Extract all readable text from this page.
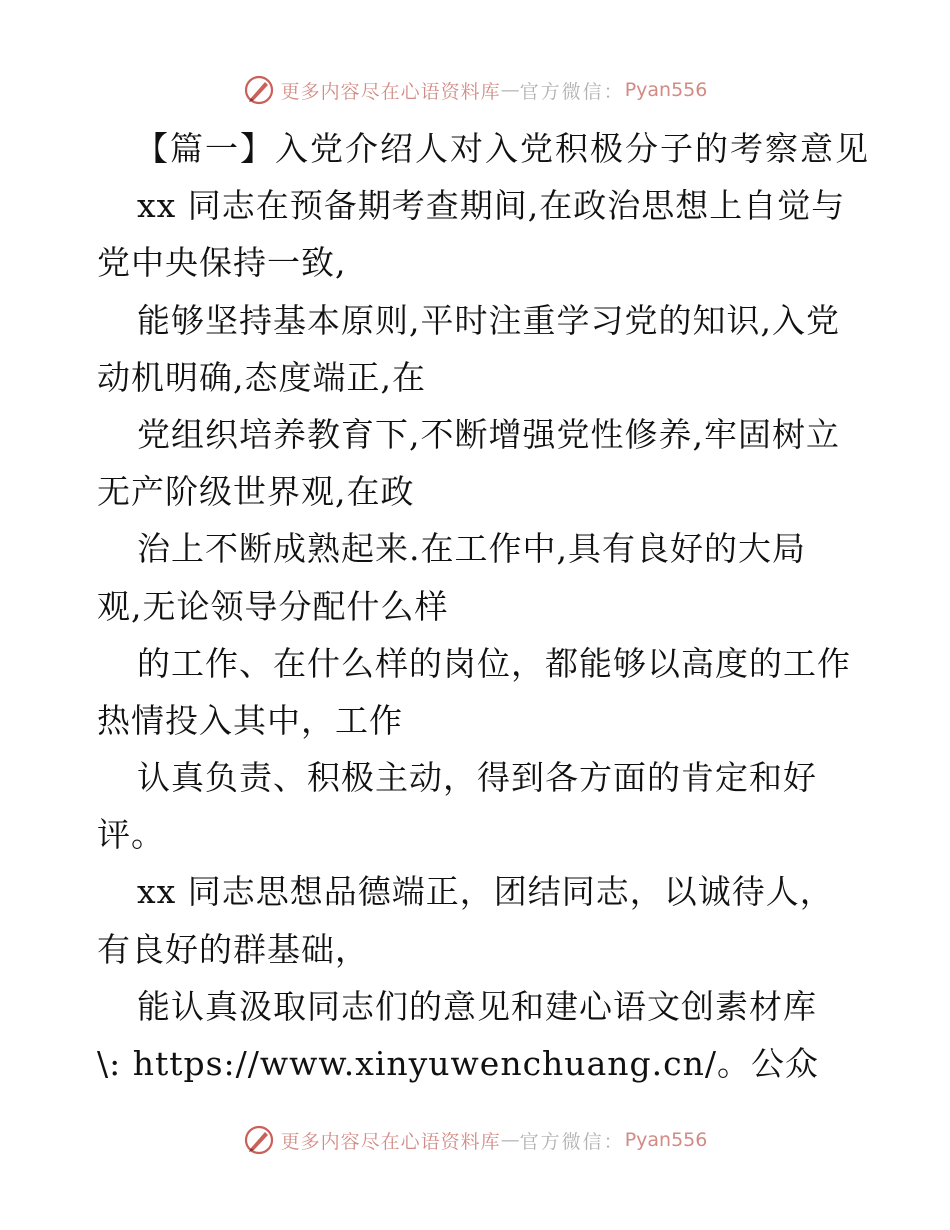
更多内容尽在心语资料库 — 官方微信： Pyan556
【篇一】入党介绍人对入党积极分子的考察意见
xx 同志在预备期考查期间,在政治思想上自觉与
党中央保持一致,
能够坚持基本原则,平时注重学习党的知识,入党
动机明确,态度端正,在
党组织培养教育下,不断增强党性修养,牢固树立
无产阶级世界观,在政
治上不断成熟起来.在工作中,具有良好的大局
观,无论领导分配什么样
的工作、在什么样的岗位，都能够以高度的工作
热情投入其中，工作
认真负责、积极主动，得到各方面的肯定和好
评。
xx 同志思想品德端正，团结同志，以诚待人，
有良好的群基础，
能认真汲取同志们的意见和建心语文创素材库
\: https://www.xinyuwenchuang.cn/。公众
更多内容尽在心语资料库 — 官方微信： Pyan556
